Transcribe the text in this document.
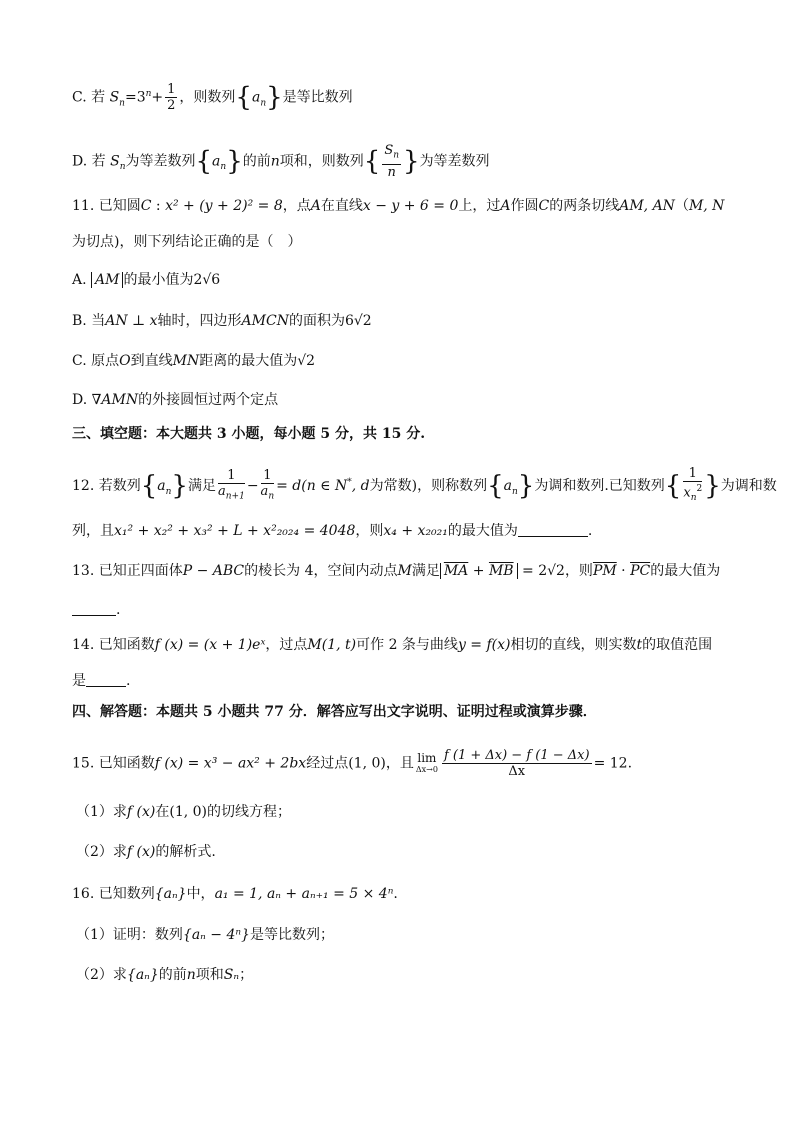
C. 若 $S_n=3^n+ \frac{1}{2}$ ，则数列$\{a_n\}$是等比数列
D. 若 $S_n$为等差数列$\{a_n\}$的前n项和，则数列{ $\frac{S_n}{n}$ }为等差数列
11. 已知圆C : x² + (y + 2)² = 8，点A在直线x − y + 6 = 0上，过A作圆C的两条切线AM, AN（M, N
为切点)，则下列结论正确的是（　）
A. AM 的最小值为2√6
B. 当AN ⊥ x轴时，四边形AMCN的面积为6√2
C. 原点O到直线MN距离的最大值为√2
D. ∇AMN的外接圆恒过两个定点
三、填空题：本大题共 3 小题，每小题 5 分，共 15 分.
12. 若数列$\{a_n\}$满足 $\frac{1}{a_{n+1}} - \frac{1}{a_n} = d(n$ ∈ N*, d为常数)，则称数列$\{a_n\}$为调和数列.已知数列{ $\frac{1}{x_n^2}$ }为调和数
列，且x₁² + x₂² + x₃² + L + x²₂₀₂₄ = 4048，则x₄ + x₂₀₂₁的最大值为	.
13. 已知正四面体P − ABC的棱长为 4，空间内动点M满足 $\overline{MA} + \overline{MB} = 2√2$，则$\overline{PM} \cdot \overline{PC}$的最大值为
.
14. 已知函数f (x) = (x + 1)eˣ，过点M(1, t)可作 2 条与曲线y = f(x)相切的直线，则实数t的取值范围
是	.
四、解答题：本题共 5 小题共 77 分．解答应写出文字说明、证明过程或演算步骤．
15. 已知函数f (x) = x³ − ax² + 2bx经过点(1, 0)，且 lim
$\Delta x\to 0 \frac{f (1 + \Delta x) - f (1 - \Delta x)}{\Delta x} = 12$.
（1）求f (x)在(1, 0)的切线方程；
（2）求f (x)的解析式.
16. 已知数列{aₙ}中，a₁ = 1, aₙ + aₙ₊₁ = 5 × 4ⁿ.
（1）证明：数列{aₙ − 4ⁿ}是等比数列；
（2）求{aₙ}的前n项和Sₙ；
